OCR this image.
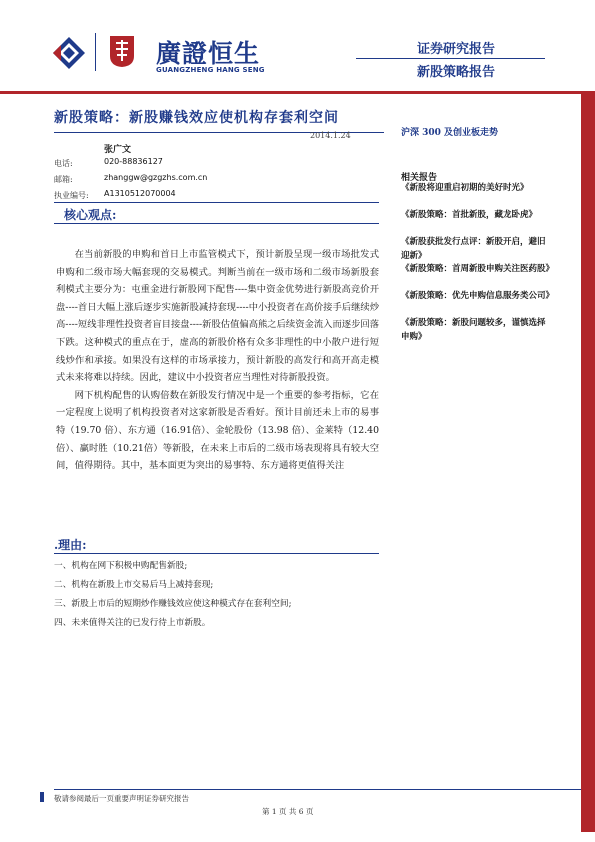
廣證恒生
GUANGZHENG HANG SENG
证券研究报告
新股策略报告
新股策略：新股赚钱效应使机构存套利空间
2014.1.24	沪深 300 及创业板走势
张广文
电话:	020-88836127
邮箱:	zhanggw@gzgzhs.com.cn
执业编号: A1310512070004
核心观点:

在当前新股的申购和首日上市监管模式下，预计新股呈现一级市场批发式申购和二级市场大幅套现的交易模式。判断当前在一级市场和二级市场新股套利模式主要分为：屯重金进行新股网下配售----集中资金优势进行新股高竞价开盘----首日大幅上涨后逐步实施新股减持套现----中小投资者在高价接手后继续炒高----短线非理性投资者盲目接盘----新股估值偏高熊之后续资金流入而逐步回落下跌。这种模式的重点在于，虚高的新股价格有众多非理性的中小散户进行短线炒作和承接。如果没有这样的市场承接力，预计新股的高发行和高开高走模式未来将难以持续。因此，建议中小投资者应当理性对待新股投资。

网下机构配售的认购倍数在新股发行情况中是一个重要的参考指标，它在一定程度上说明了机构投资者对这家新股是否看好。预计目前还未上市的易事特（19.70 倍）、东方通（16.91倍）、金轮股份（13.98 倍）、金莱特（12.40 倍）、赢时胜（10.21倍）等新股，在未来上市后的二级市场表现将具有较大空间，值得期待。其中，基本面更为突出的易事特、东方通将更值得关注

.理由:
一、机构在网下积极申购配售新股;
二、机构在新股上市交易后马上减持套现;
三、新股上市后的短期炒作赚钱效应使这种模式存在套利空间;
四、未来值得关注的已发行待上市新股。
相关报告
《新股将迎重启初期的美好时光》
《新股策略：首批新股，藏龙卧虎》
《新股获批发行点评：新股开启，避旧迎新》
《新股策略：首周新股申购关注医药股》
《新股策略：优先申购信息服务类公司》
《新股策略：新股问题较多，谨慎选择申购》
敬请参阅最后一页重要声明证券研究报告
第 1 页 共 6 页
